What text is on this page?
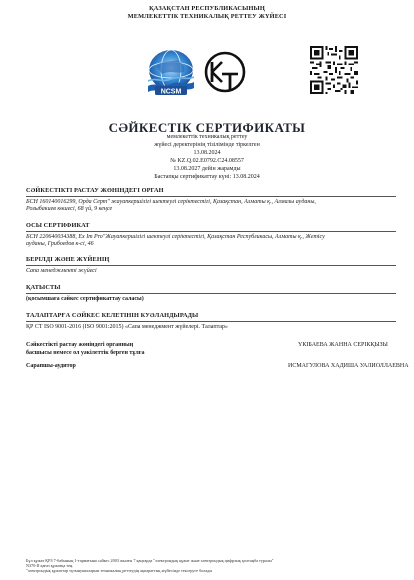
ҚАЗАҚСТАН РЕСПУБЛИКАСЫНЫҢ
МЕМЛЕКЕТТІК ТЕХНИКАЛЫҚ РЕТТЕУ ЖҮЙЕСІ
NCSM
СӘЙКЕСТІК СЕРТИФИКАТЫ
мемлекеттік техникалық реттеу
жүйесі деректерінің тізілімінде тіркелген
13.08.2024
№ KZ.Q.02.E0792.C24.08557
13.08.2027 дейін жарамды
Бастапқы сертификаттау күні: 13.08.2024
СӘЙКЕСТІКТІ РАСТАУ ЖӨНІНДЕГІ ОРГАН
БСН 160140016299, Орда Серт" жауапкершілігі шектеулі серіктестігі, Қазақстан, Алматы қ., Алмалы ауданы,
Розыбакиев көшесі, 68 үй, 9 кеңсе
ОСЫ СЕРТИФИКАТ
БСН 220640034388, Ex Im Pro"Жауапкершілігі шектеулі серіктестігі, Қазақстан Республикасы, Алматы қ., Жетісу
ауданы, Грибоедов к-сі, 46
БЕРІЛДІ ЖӘНЕ ЖҮЙЕНІҢ
Сапа менеджменті жүйесі
ҚАТЫСТЫ
(қосымшаға сәйкес сертификаттау саласы)
ТАЛАПТАРҒА СӘЙКЕС КЕЛЕТІНІН КУӘЛАНДЫРАДЫ
ҚР СТ ISO 9001-2016 (ISO 9001:2015) «Сапа менеджмент жүйелері. Талаптар»
Сәйкестікті растау жөніндегі органның
басшысы немесе ол уәкілеттік берген тұлға
ҮКІБАЕВА ЖАННА СЕРІКҚЫЗЫ
Сарапшы-аудитор	ИСМАГУЛОВА ХАДИША УАЛИОЛЛАЕВНА
Бұл құжат ҚРЗ 7-бабының 1-тармағына сәйкес 2003 жылғы 7 қаңтарда "электрондық құжат және электрондық цифрлық қолтаңба туралы"
N370-II қағаз құжатқа тең.
"электрондық құжаттар тұтынушыларын техникалық реттеудің ақпараттық жүйесінде тексеруге болады
